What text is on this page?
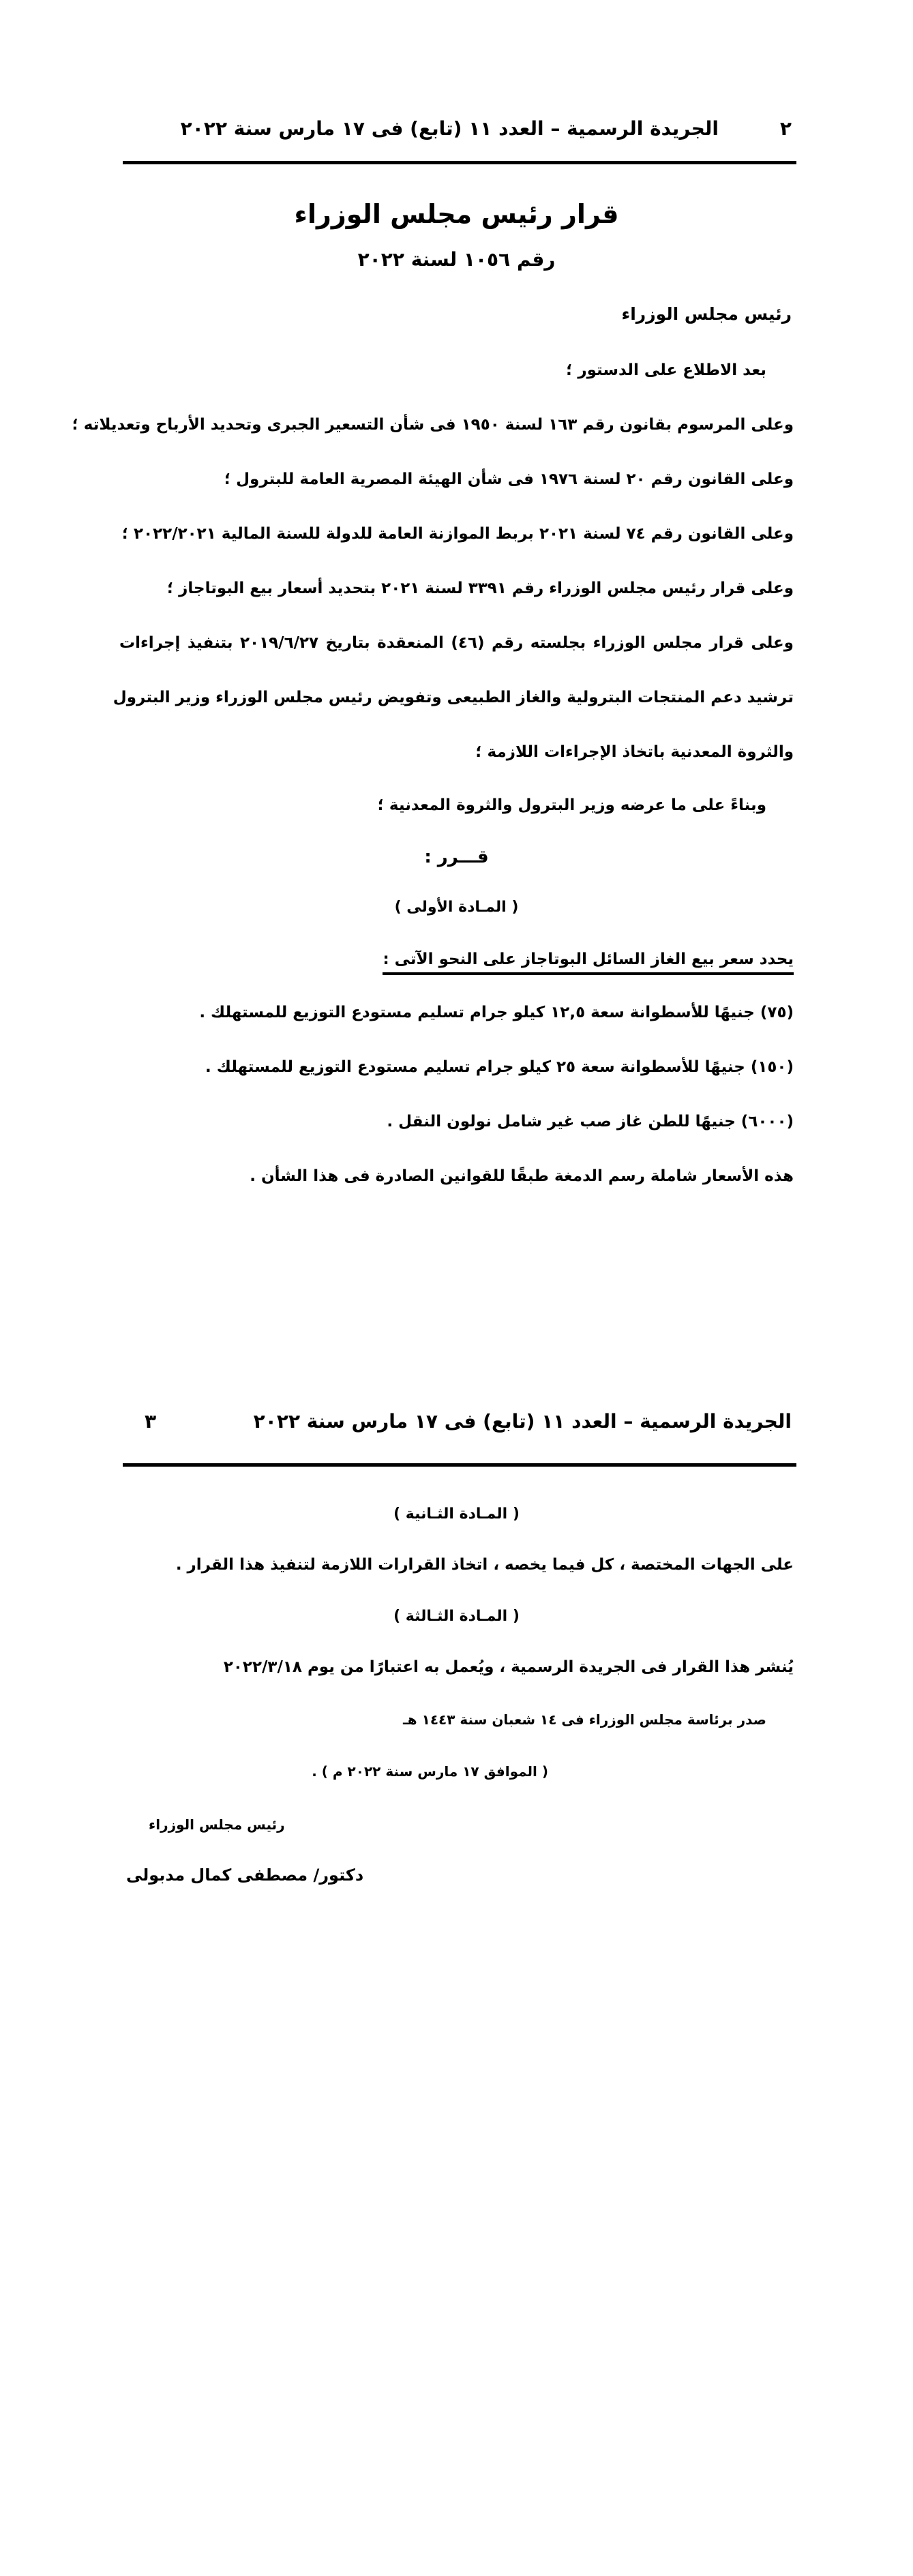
٢
الجريدة الرسمية – العدد ١١ (تابع) فى ١٧ مارس سنة ٢٠٢٢
قرار رئيس مجلس الوزراء
رقم ١٠٥٦ لسنة ٢٠٢٢
رئيس مجلس الوزراء
بعد الاطلاع على الدستور ؛
وعلى المرسوم بقانون رقم ١٦٣ لسنة ١٩٥٠ فى شأن التسعير الجبرى وتحديد الأرباح وتعديلاته ؛
وعلى القانون رقم ٢٠ لسنة ١٩٧٦ فى شأن الهيئة المصرية العامة للبترول ؛
وعلى القانون رقم ٧٤ لسنة ٢٠٢١ بربط الموازنة العامة للدولة للسنة المالية ٢٠٢٢/٢٠٢١ ؛
وعلى قرار رئيس مجلس الوزراء رقم ٣٣٩١ لسنة ٢٠٢١ بتحديد أسعار بيع البوتاجاز ؛
وعلى قرار مجلس الوزراء بجلسته رقم (٤٦) المنعقدة بتاريخ ٢٠١٩/٦/٢٧ بتنفيذ إجراءات
ترشيد دعم المنتجات البترولية والغاز الطبيعى وتفويض رئيس مجلس الوزراء وزير البترول
والثروة المعدنية باتخاذ الإجراءات اللازمة ؛
وبناءً على ما عرضه وزير البترول والثروة المعدنية ؛
قـــرر :
( المـادة الأولى )
يحدد سعر بيع الغاز السائل البوتاجاز على النحو الآتى :
(٧٥) جنيهًا للأسطوانة سعة ١٢,٥ كيلو جرام تسليم مستودع التوزيع للمستهلك .
(١٥٠) جنيهًا للأسطوانة سعة ٢٥ كيلو جرام تسليم مستودع التوزيع للمستهلك .
(٦٠٠٠) جنيهًا للطن غاز صب غير شامل نولون النقل .
هذه الأسعار شاملة رسم الدمغة طبقًا للقوانين الصادرة فى هذا الشأن .
الجريدة الرسمية – العدد ١١ (تابع) فى ١٧ مارس سنة ٢٠٢٢
٣
( المـادة الثـانية )
على الجهات المختصة ، كل فيما يخصه ، اتخاذ القرارات اللازمة لتنفيذ هذا القرار .
( المـادة الثـالثة )
يُنشر هذا القرار فى الجريدة الرسمية ، ويُعمل به اعتبارًا من يوم ٢٠٢٢/٣/١٨
صدر برئاسة مجلس الوزراء فى ١٤ شعبان سنة ١٤٤٣ هـ
( الموافق ١٧ مارس سنة ٢٠٢٢ م ) .
رئيس مجلس الوزراء
دكتور/ مصطفى كمال مدبولى
